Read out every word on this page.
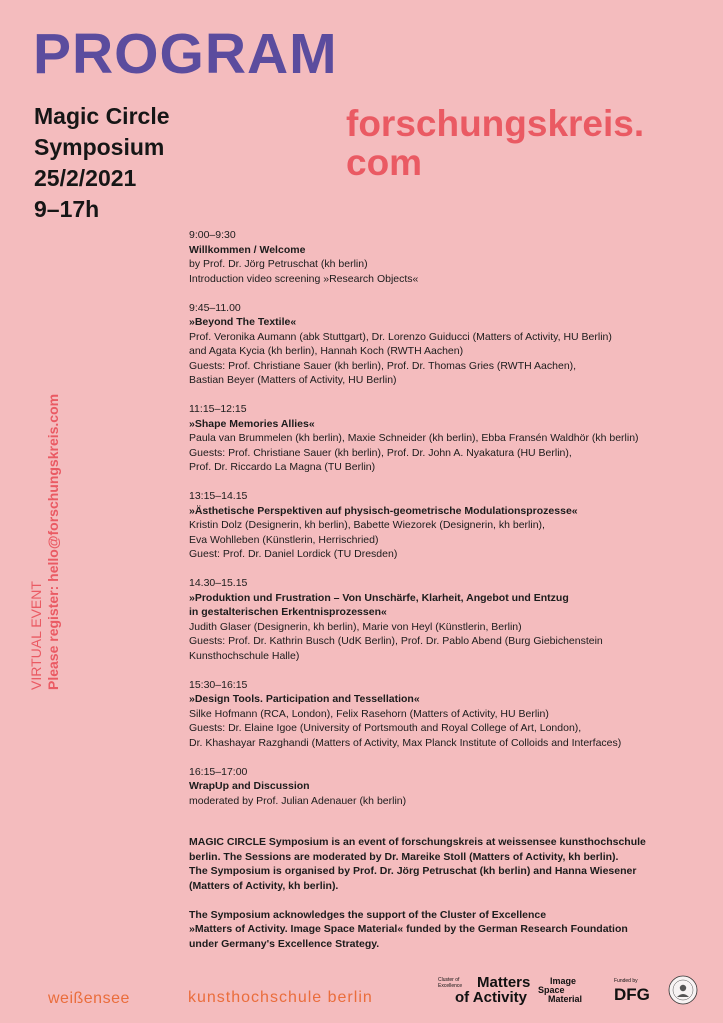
PROGRAM
Magic Circle
Symposium
25/2/2021
9–17h
forschungskreis.
com
VIRTUAL EVENT Please register: hello@forschungskreis.com
9:00–9:30
Willkommen / Welcome
by Prof. Dr. Jörg Petruschat (kh berlin)
Introduction video screening »Research Objects«
9:45–11.00
»Beyond The Textile«
Prof. Veronika Aumann (abk Stuttgart), Dr. Lorenzo Guiducci (Matters of Activity, HU Berlin)
and Agata Kycia (kh berlin), Hannah Koch (RWTH Aachen)
Guests: Prof. Christiane Sauer (kh berlin), Prof. Dr. Thomas Gries (RWTH Aachen),
Bastian Beyer (Matters of Activity, HU Berlin)
11:15–12:15
»Shape Memories Allies«
Paula van Brummelen (kh berlin), Maxie Schneider (kh berlin), Ebba Fransén Waldhör (kh berlin)
Guests: Prof. Christiane Sauer (kh berlin), Prof. Dr. John A. Nyakatura (HU Berlin),
Prof. Dr. Riccardo La Magna (TU Berlin)
13:15–14.15
»Ästhetische Perspektiven auf physisch-geometrische Modulationsprozesse«
Kristin Dolz (Designerin, kh berlin), Babette Wiezorek (Designerin, kh berlin),
Eva Wohlleben (Künstlerin, Herrischried)
Guest: Prof. Dr. Daniel Lordick (TU Dresden)
14.30–15.15
»Produktion und Frustration – Von Unschärfe, Klarheit, Angebot und Entzug
in gestalterischen Erkentnisprozessen«
Judith Glaser (Designerin, kh berlin), Marie von Heyl (Künstlerin, Berlin)
Guests: Prof. Dr. Kathrin Busch (UdK Berlin), Prof. Dr. Pablo Abend (Burg Giebichenstein
Kunsthochschule Halle)
15:30–16:15
»Design Tools. Participation and Tessellation«
Silke Hofmann (RCA, London), Felix Rasehorn (Matters of Activity, HU Berlin)
Guests: Dr. Elaine Igoe (University of Portsmouth and Royal College of Art, London),
Dr. Khashayar Razghandi (Matters of Activity, Max Planck Institute of Colloids and Interfaces)
16:15–17:00
WrapUp and Discussion
moderated by Prof. Julian Adenauer (kh berlin)
MAGIC CIRCLE Symposium is an event of forschungskreis at weissensee kunsthochschule
berlin. The Sessions are moderated by Dr. Mareike Stoll (Matters of Activity, kh berlin).
The Symposium is organised by Prof. Dr. Jörg Petruschat (kh berlin) and Hanna Wiesener
(Matters of Activity, kh berlin).
The Symposium acknowledges the support of the Cluster of Excellence
»Matters of Activity. Image Space Material« funded by the German Research Foundation
under Germany's Excellence Strategy.
weißensee	kunsthochschule berlin
Cluster of Excellence Matters
of Activity
Image
Space
Material
Funded by
DFG
